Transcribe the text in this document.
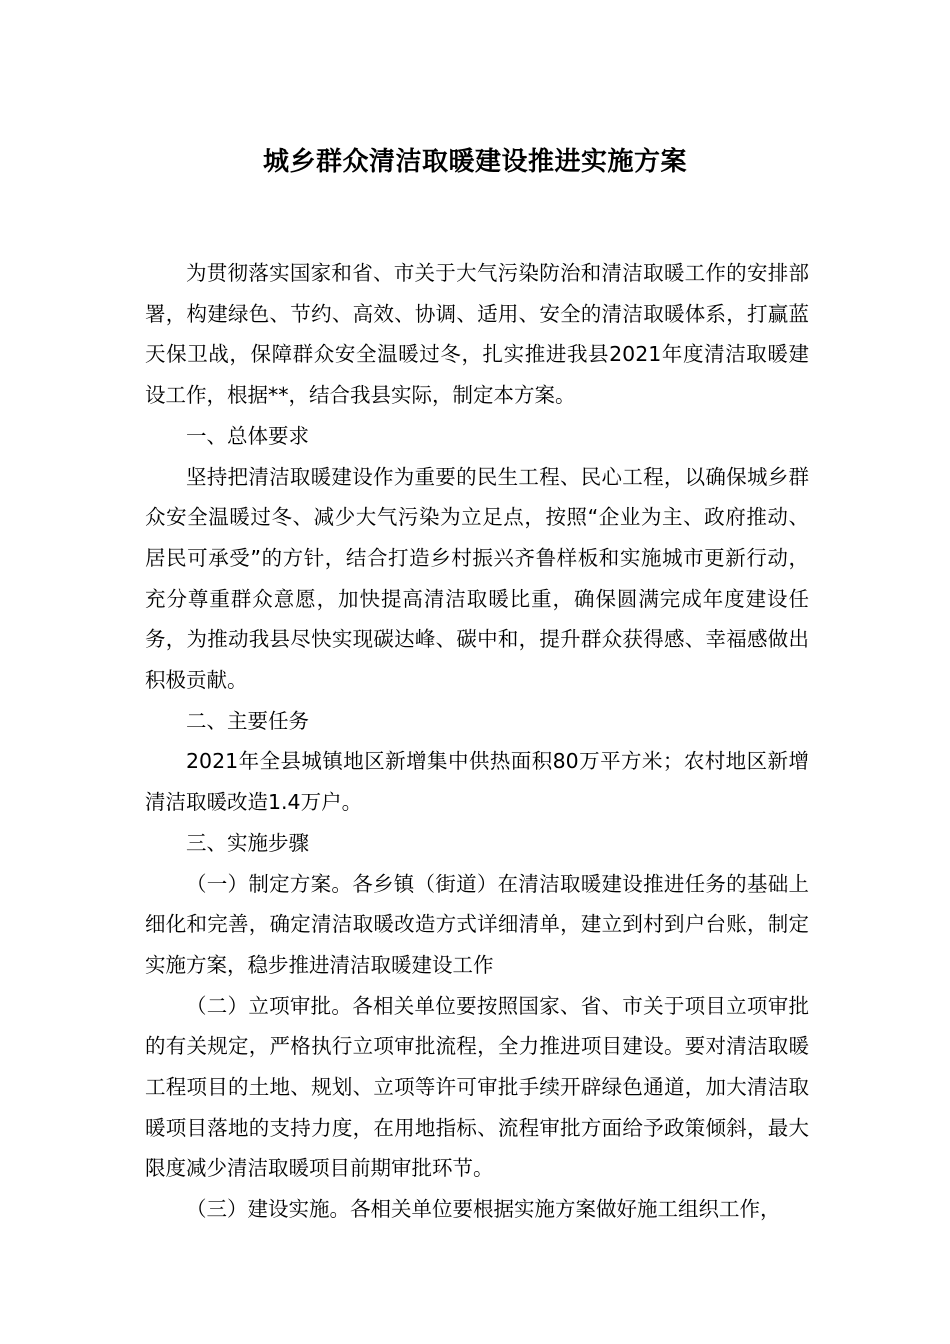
城乡群众清洁取暖建设推进实施方案

为贯彻落实国家和省、市关于大气污染防治和清洁取暖工作的安排部署，构建绿色、节约、高效、协调、适用、安全的清洁取暖体系，打赢蓝天保卫战，保障群众安全温暖过冬，扎实推进我县2021年度清洁取暖建设工作，根据**，结合我县实际，制定本方案。

一、总体要求

坚持把清洁取暖建设作为重要的民生工程、民心工程，以确保城乡群众安全温暖过冬、减少大气污染为立足点，按照“企业为主、政府推动、居民可承受”的方针，结合打造乡村振兴齐鲁样板和实施城市更新行动，充分尊重群众意愿，加快提高清洁取暖比重，确保圆满完成年度建设任务，为推动我县尽快实现碳达峰、碳中和，提升群众获得感、幸福感做出积极贡献。

二、主要任务

2021年全县城镇地区新增集中供热面积80万平方米；农村地区新增清洁取暖改造1.4万户。

三、实施步骤

（一）制定方案。各乡镇（街道）在清洁取暖建设推进任务的基础上细化和完善，确定清洁取暖改造方式详细清单，建立到村到户台账，制定实施方案，稳步推进清洁取暖建设工作

（二）立项审批。各相关单位要按照国家、省、市关于项目立项审批的有关规定，严格执行立项审批流程，全力推进项目建设。要对清洁取暖工程项目的土地、规划、立项等许可审批手续开辟绿色通道，加大清洁取暖项目落地的支持力度，在用地指标、流程审批方面给予政策倾斜，最大限度减少清洁取暖项目前期审批环节。

（三）建设实施。各相关单位要根据实施方案做好施工组织工作，
